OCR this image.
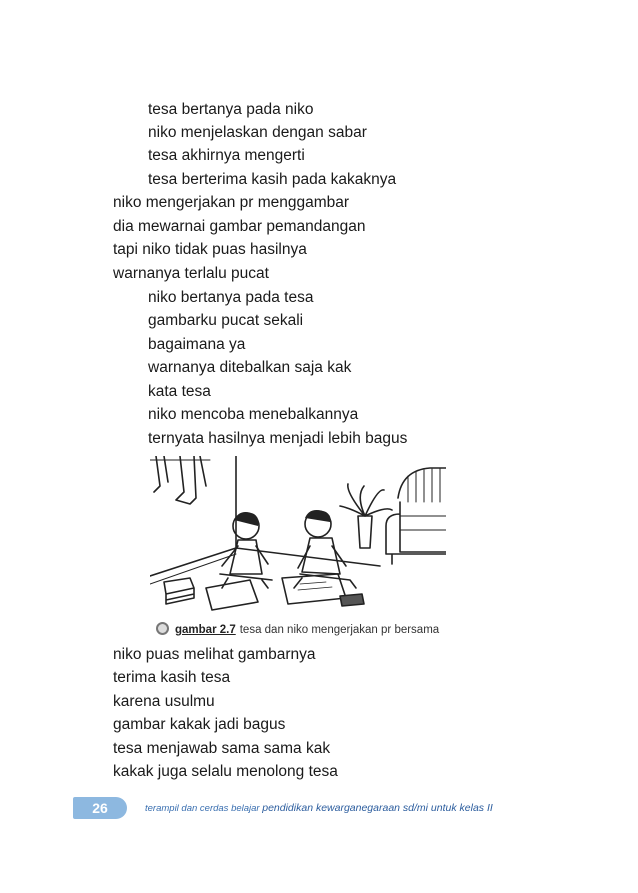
tesa bertanya pada niko

niko menjelaskan dengan sabar

tesa akhirnya mengerti

tesa berterima kasih pada kakaknya

niko mengerjakan pr menggambar

dia mewarnai gambar pemandangan

tapi niko tidak puas hasilnya

warnanya terlalu pucat

niko bertanya pada tesa

gambarku pucat sekali

bagaimana ya

warnanya ditebalkan saja kak

kata tesa

niko mencoba menebalkannya

ternyata hasilnya menjadi lebih bagus

gambar 2.7 tesa dan niko mengerjakan pr bersama

niko puas melihat gambarnya

terima kasih tesa

karena usulmu

gambar kakak jadi bagus

tesa menjawab sama sama kak

kakak juga selalu menolong tesa

26	terampil dan cerdas belajar pendidikan kewarganegaraan sd/mi untuk kelas II
